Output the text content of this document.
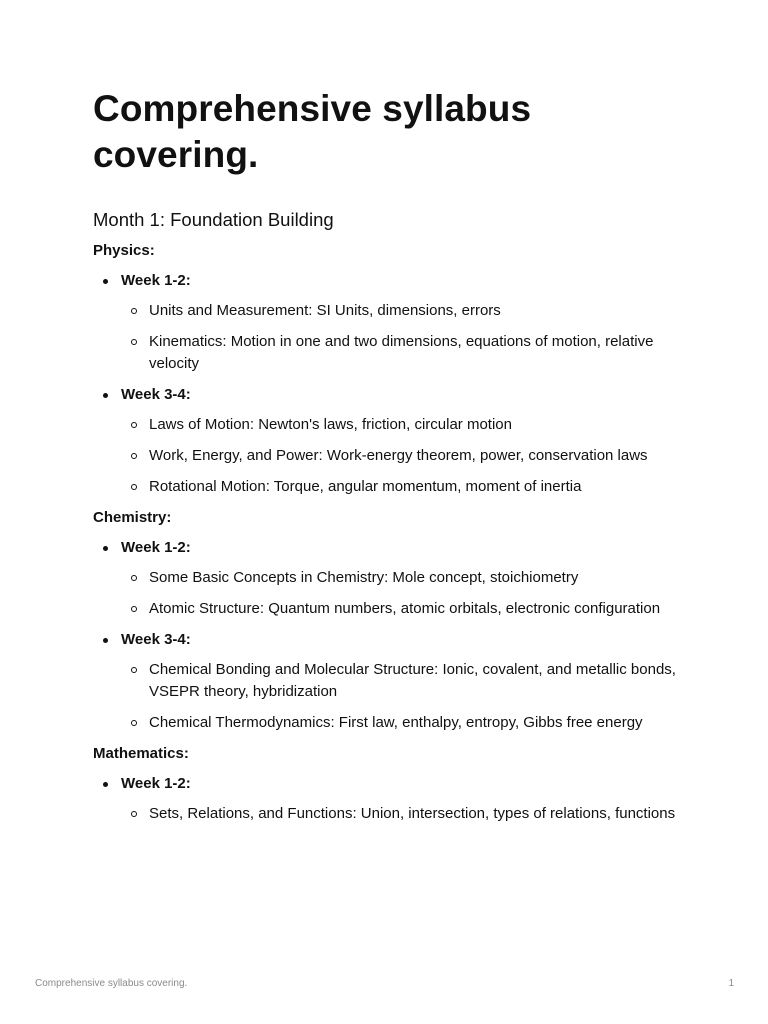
Comprehensive syllabus covering.
Month 1: Foundation Building
Physics:
Week 1-2:
Units and Measurement: SI Units, dimensions, errors
Kinematics: Motion in one and two dimensions, equations of motion, relative velocity
Week 3-4:
Laws of Motion: Newton's laws, friction, circular motion
Work, Energy, and Power: Work-energy theorem, power, conservation laws
Rotational Motion: Torque, angular momentum, moment of inertia
Chemistry:
Week 1-2:
Some Basic Concepts in Chemistry: Mole concept, stoichiometry
Atomic Structure: Quantum numbers, atomic orbitals, electronic configuration
Week 3-4:
Chemical Bonding and Molecular Structure: Ionic, covalent, and metallic bonds, VSEPR theory, hybridization
Chemical Thermodynamics: First law, enthalpy, entropy, Gibbs free energy
Mathematics:
Week 1-2:
Sets, Relations, and Functions: Union, intersection, types of relations, functions
Comprehensive syllabus covering.	1
